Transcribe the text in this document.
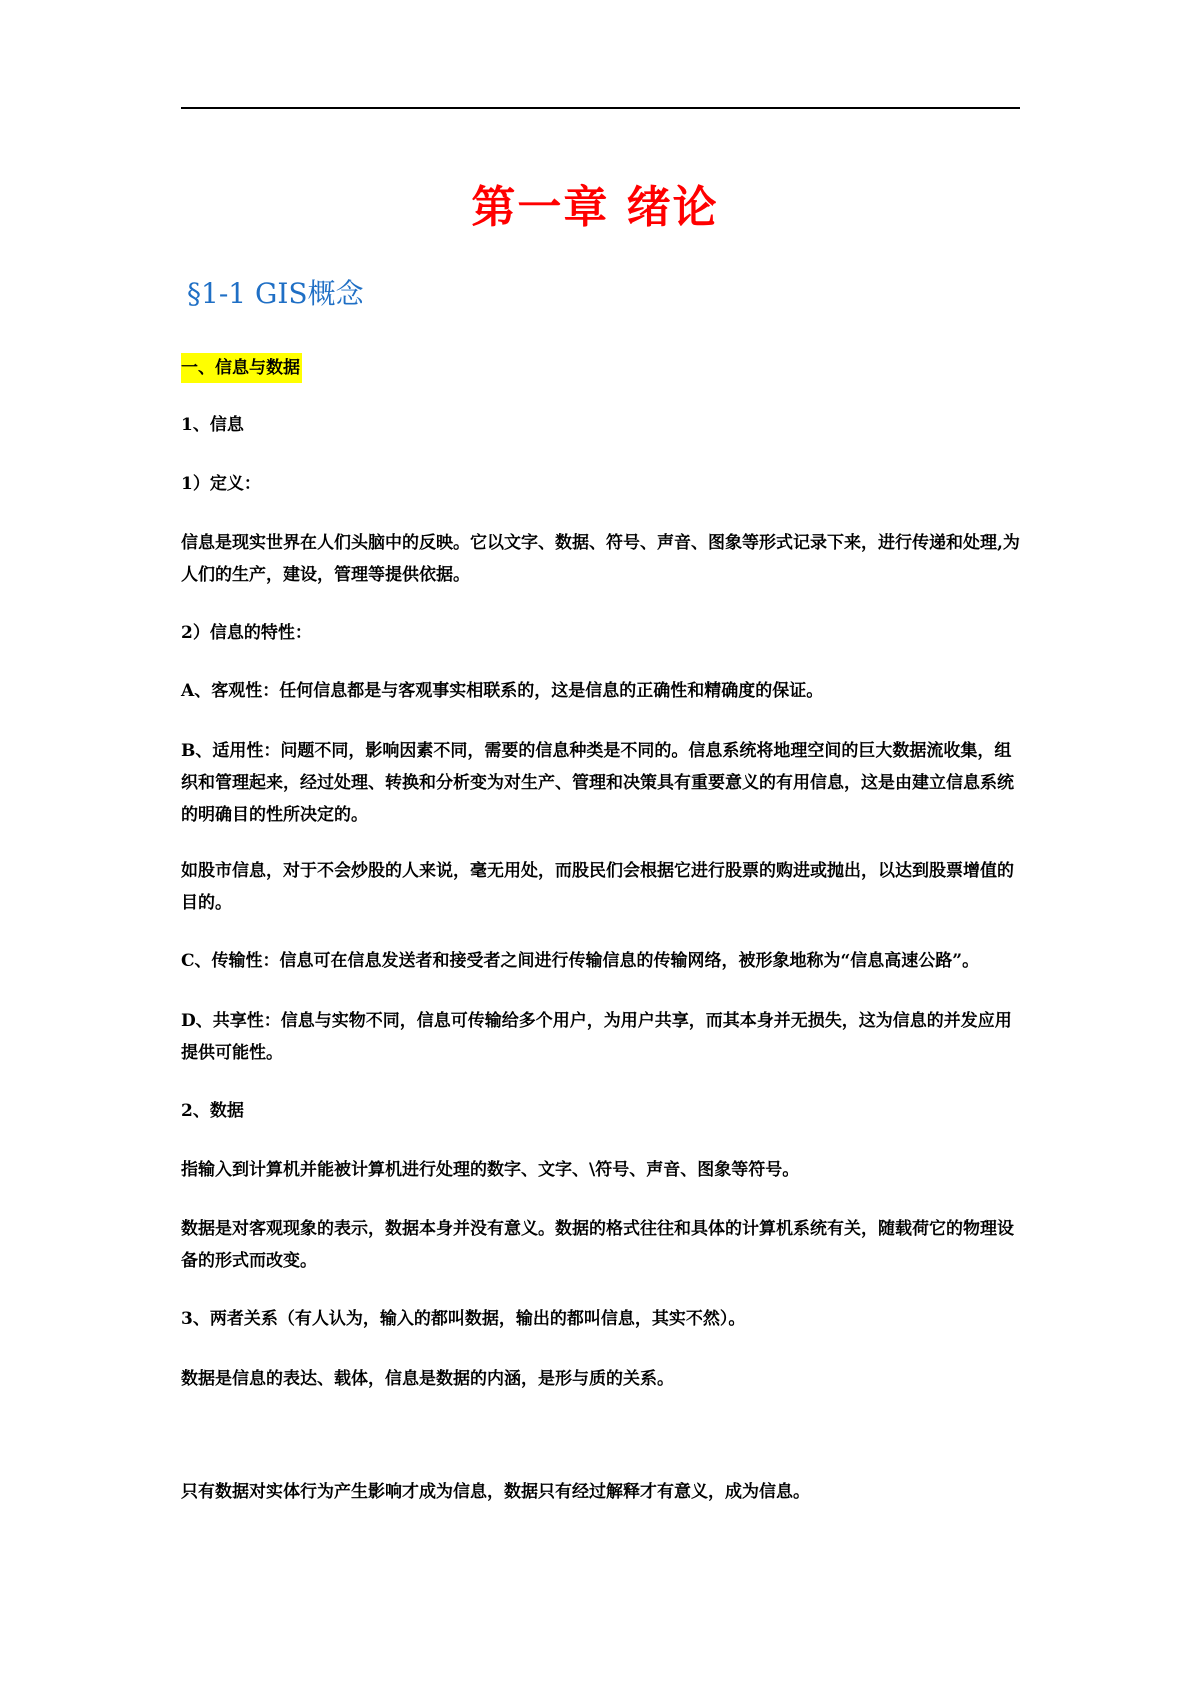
第一章 绪论
§1-1 GIS概念
一、信息与数据

1、信息

1）定义：

信息是现实世界在人们头脑中的反映。它以文字、数据、符号、声音、图象等形式记录下来，进行传递和处理,为人们的生产，建设，管理等提供依据。

2）信息的特性：

A、客观性：任何信息都是与客观事实相联系的，这是信息的正确性和精确度的保证。

B、适用性：问题不同，影响因素不同，需要的信息种类是不同的。信息系统将地理空间的巨大数据流收集，组织和管理起来，经过处理、转换和分析变为对生产、管理和决策具有重要意义的有用信息，这是由建立信息系统的明确目的性所决定的。

如股市信息，对于不会炒股的人来说，毫无用处，而股民们会根据它进行股票的购进或抛出，以达到股票增值的目的。

C、传输性：信息可在信息发送者和接受者之间进行传输信息的传输网络，被形象地称为“信息高速公路”。

D、共享性：信息与实物不同，信息可传输给多个用户，为用户共享，而其本身并无损失，这为信息的并发应用提供可能性。

2、数据

指输入到计算机并能被计算机进行处理的数字、文字、\符号、声音、图象等符号。

数据是对客观现象的表示，数据本身并没有意义。数据的格式往往和具体的计算机系统有关，随载荷它的物理设备的形式而改变。

3、两者关系（有人认为，输入的都叫数据，输出的都叫信息，其实不然）。

数据是信息的表达、载体，信息是数据的内涵，是形与质的关系。

只有数据对实体行为产生影响才成为信息，数据只有经过解释才有意义，成为信息。
